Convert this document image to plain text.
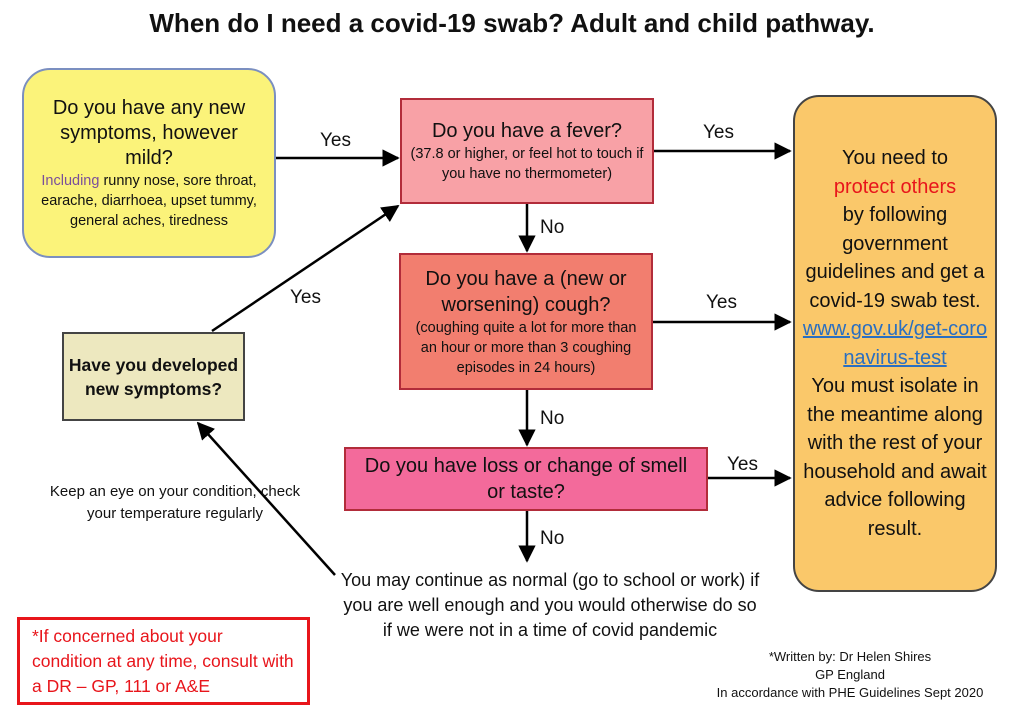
When do I need a covid-19 swab? Adult and child pathway.
Do you have any new symptoms, however mild?
Including runny nose, sore throat, earache, diarrhoea, upset tummy, general aches, tiredness
Do you have a fever?
(37.8 or higher, or feel hot to touch if you have no thermometer)
Do you have a (new or worsening) cough?
(coughing quite a lot for more than an hour or more than 3 coughing episodes in 24 hours)
Do you have loss or change of smell or taste?
Have you developed new symptoms?
You need to
protect others
by following government guidelines and get a covid-19 swab test.
www.gov.uk/get-coronavirus-test
You must isolate in the meantime along with the rest of your household and await advice following result.
Yes	Yes
No
Yes
No
Yes
No
Yes
Keep an eye on your condition, check your temperature regularly
You may continue as normal (go to school or work) if you are well enough and you would otherwise do so if we were not in a time of covid pandemic
*If concerned about your condition at any time, consult with a DR – GP, 111 or A&E
*Written by: Dr Helen Shires
GP England
In accordance with PHE Guidelines Sept 2020
